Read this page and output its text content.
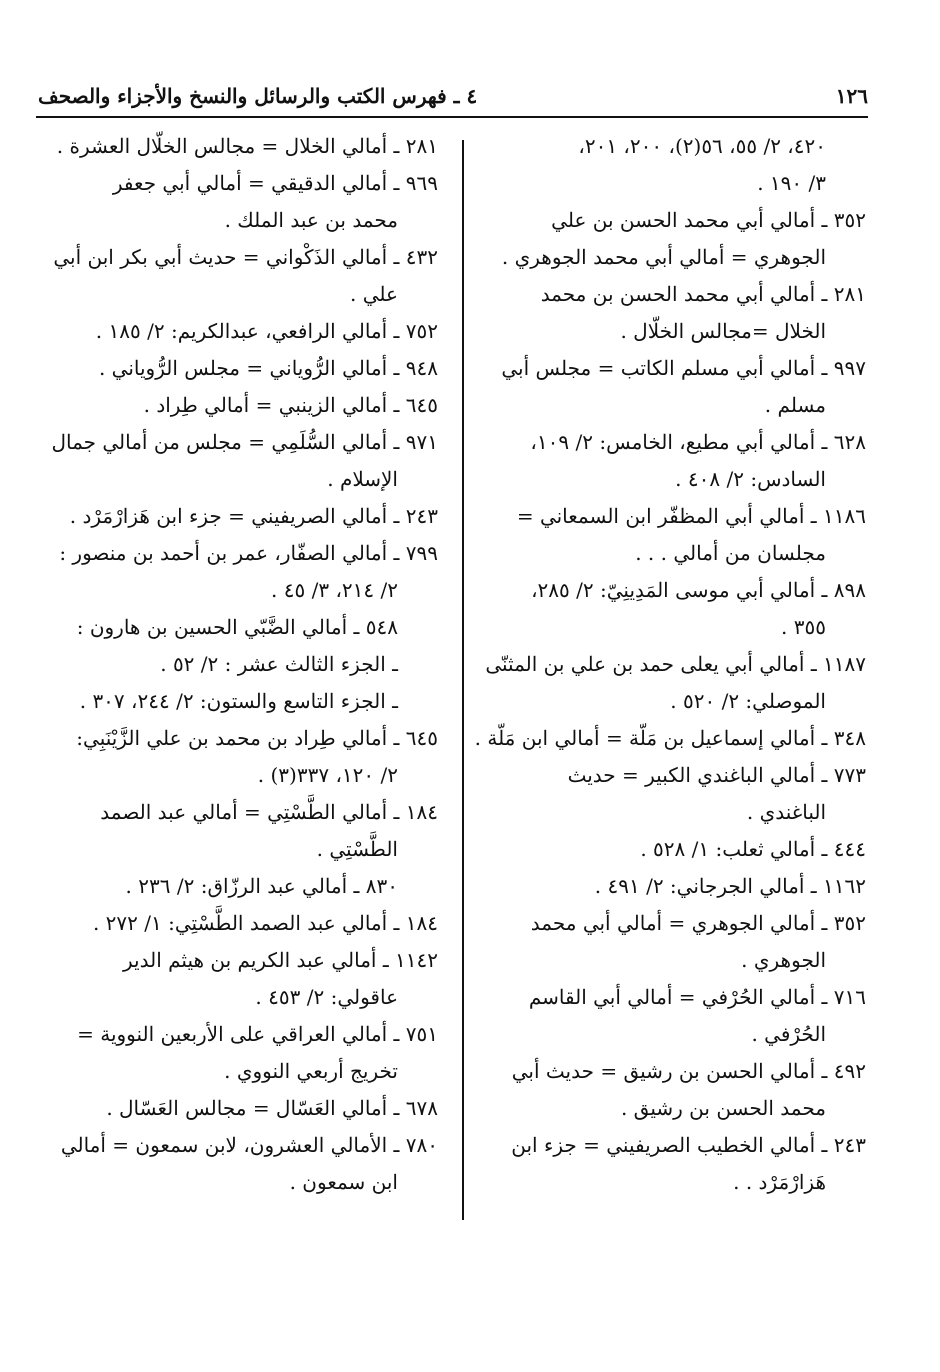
١٢٦
٤ ـ فهرس الكتب والرسائل والنسخ والأجزاء والصحف
٤٢٠، ٢/ ٥٥، ٥٦(٢)، ٢٠٠، ٢٠١،
٣/ ١٩٠ .
٣٥٢ ـ أمالي أبي محمد الحسن بن علي
الجوهري = أمالي أبي محمد الجوهري .
٢٨١ ـ أمالي أبي محمد الحسن بن محمد
الخلال =مجالس الخلّال .
٩٩٧ ـ أمالي أبي مسلم الكاتب = مجلس أبي
مسلم .
٦٢٨ ـ أمالي أبي مطيع، الخامس: ٢/ ١٠٩،
السادس: ٢/ ٤٠٨ .
١١٨٦ ـ أمالي أبي المظفّر ابن السمعاني =
مجلسان من أمالي . . .
٨٩٨ ـ أمالي أبي موسى المَدِينِيّ: ٢/ ٢٨٥،
٣٥٥ .
١١٨٧ ـ أمالي أبي يعلى حمد بن علي بن المثنّى
الموصلي: ٢/ ٥٢٠ .
٣٤٨ ـ أمالي إسماعيل بن مَلّة = أمالي ابن مَلّة .
٧٧٣ ـ أمالي الباغندي الكبير = حديث
الباغندي .
٤٤٤ ـ أمالي ثعلب: ١/ ٥٢٨ .
١١٦٢ ـ أمالي الجرجاني: ٢/ ٤٩١ .
٣٥٢ ـ أمالي الجوهري = أمالي أبي محمد
الجوهري .
٧١٦ ـ أمالي الحُرْفي = أمالي أبي القاسم
الحُرْفي .
٤٩٢ ـ أمالي الحسن بن رشيق = حديث أبي
محمد الحسن بن رشيق .
٢٤٣ ـ أمالي الخطيب الصريفيني = جزء ابن
هَزارْمَرْد . .
٢٨١ ـ أمالي الخلال = مجالس الخلّال العشرة .
٩٦٩ ـ أمالي الدقيقي = أمالي أبي جعفر
محمد بن عبد الملك .
٤٣٢ ـ أمالي الذَكْواني = حديث أبي بكر ابن أبي
علي .
٧٥٢ ـ أمالي الرافعي، عبدالكريم: ٢/ ١٨٥ .
٩٤٨ ـ أمالي الرُّوياني = مجلس الرُّوياني .
٦٤٥ ـ أمالي الزينبي = أمالي طِراد .
٩٧١ ـ أمالي السُّلَمِي = مجلس من أمالي جمال
الإسلام .
٢٤٣ ـ أمالي الصريفيني = جزء ابن هَزارْمَرْد .
٧٩٩ ـ أمالي الصفّار، عمر بن أحمد بن منصور :
٢/ ٢١٤، ٣/ ٤٥ .
٥٤٨ ـ أمالي الضَّبّي الحسين بن هارون :
ـ الجزء الثالث عشر : ٢/ ٥٢ .
ـ الجزء التاسع والستون: ٢/ ٢٤٤، ٣٠٧ .
٦٤٥ ـ أمالي طِراد بن محمد بن علي الزَّيْنَبِي:
٢/ ١٢٠، ٣٣٧(٣) .
١٨٤ ـ أمالي الطَّسْتِي = أمالي عبد الصمد
الطَّسْتِي .
٨٣٠ ـ أمالي عبد الرزّاق: ٢/ ٢٣٦ .
١٨٤ ـ أمالي عبد الصمد الطَّسْتِي: ١/ ٢٧٢ .
١١٤٢ ـ أمالي عبد الكريم بن هيثم الدير
عاقولي: ٢/ ٤٥٣ .
٧٥١ ـ أمالي العراقي على الأربعين النووية =
تخريج أربعي النووي .
٦٧٨ ـ أمالي العَسّال = مجالس العَسّال .
٧٨٠ ـ الأمالي العشرون، لابن سمعون = أمالي
ابن سمعون .
